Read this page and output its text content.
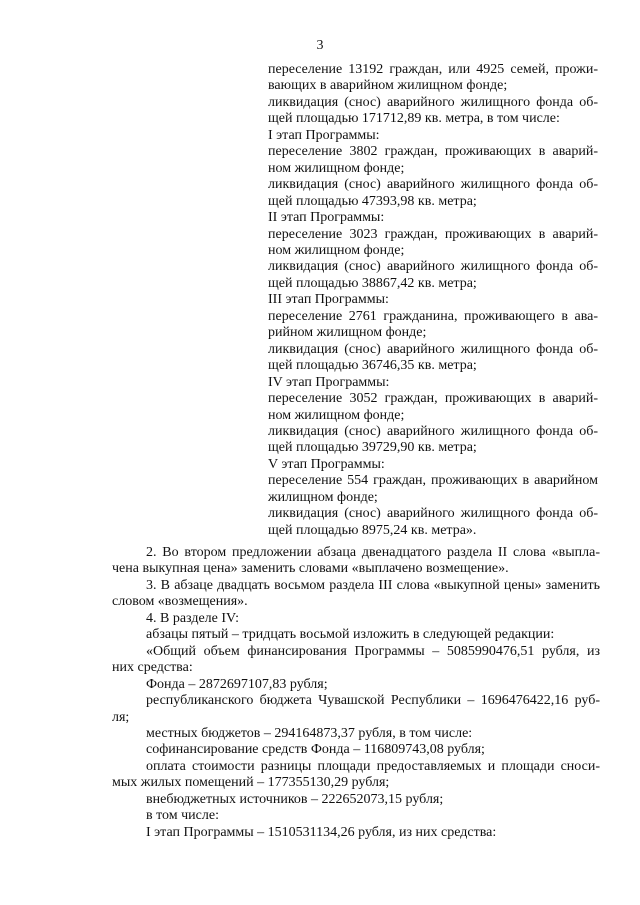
3
переселение 13192 граждан, или 4925 семей, прожи-
вающих в аварийном жилищном фонде;
ликвидация (снос) аварийного жилищного фонда об-
щей площадью 171712,89 кв. метра, в том числе:
I этап Программы:
переселение 3802 граждан, проживающих в аварий-
ном жилищном фонде;
ликвидация (снос) аварийного жилищного фонда об-
щей площадью 47393,98 кв. метра;
II этап Программы:
переселение 3023 граждан, проживающих в аварий-
ном жилищном фонде;
ликвидация (снос) аварийного жилищного фонда об-
щей площадью 38867,42 кв. метра;
III этап Программы:
переселение 2761 гражданина, проживающего в ава-
рийном жилищном фонде;
ликвидация (снос) аварийного жилищного фонда об-
щей площадью 36746,35 кв. метра;
IV этап Программы:
переселение 3052 граждан, проживающих в аварий-
ном жилищном фонде;
ликвидация (снос) аварийного жилищного фонда об-
щей площадью 39729,90 кв. метра;
V этап Программы:
переселение 554 граждан, проживающих в аварийном
жилищном фонде;
ликвидация (снос) аварийного жилищного фонда об-
щей площадью 8975,24 кв. метра».
2. Во втором предложении абзаца двенадцатого раздела II слова «выпла-
чена выкупная цена» заменить словами «выплачено возмещение».
3. В абзаце двадцать восьмом раздела III слова «выкупной цены» заменить
словом «возмещения».
4. В разделе IV:
абзацы пятый – тридцать восьмой изложить в следующей редакции:
«Общий объем финансирования Программы – 5085990476,51 рубля, из
них средства:
Фонда – 2872697107,83 рубля;
республиканского бюджета Чувашской Республики – 1696476422,16 руб-
ля;
местных бюджетов – 294164873,37 рубля, в том числе:
софинансирование средств Фонда – 116809743,08 рубля;
оплата стоимости разницы площади предоставляемых и площади сноси-
мых жилых помещений – 177355130,29 рубля;
внебюджетных источников – 222652073,15 рубля;
в том числе:
I этап Программы – 1510531134,26 рубля, из них средства:
